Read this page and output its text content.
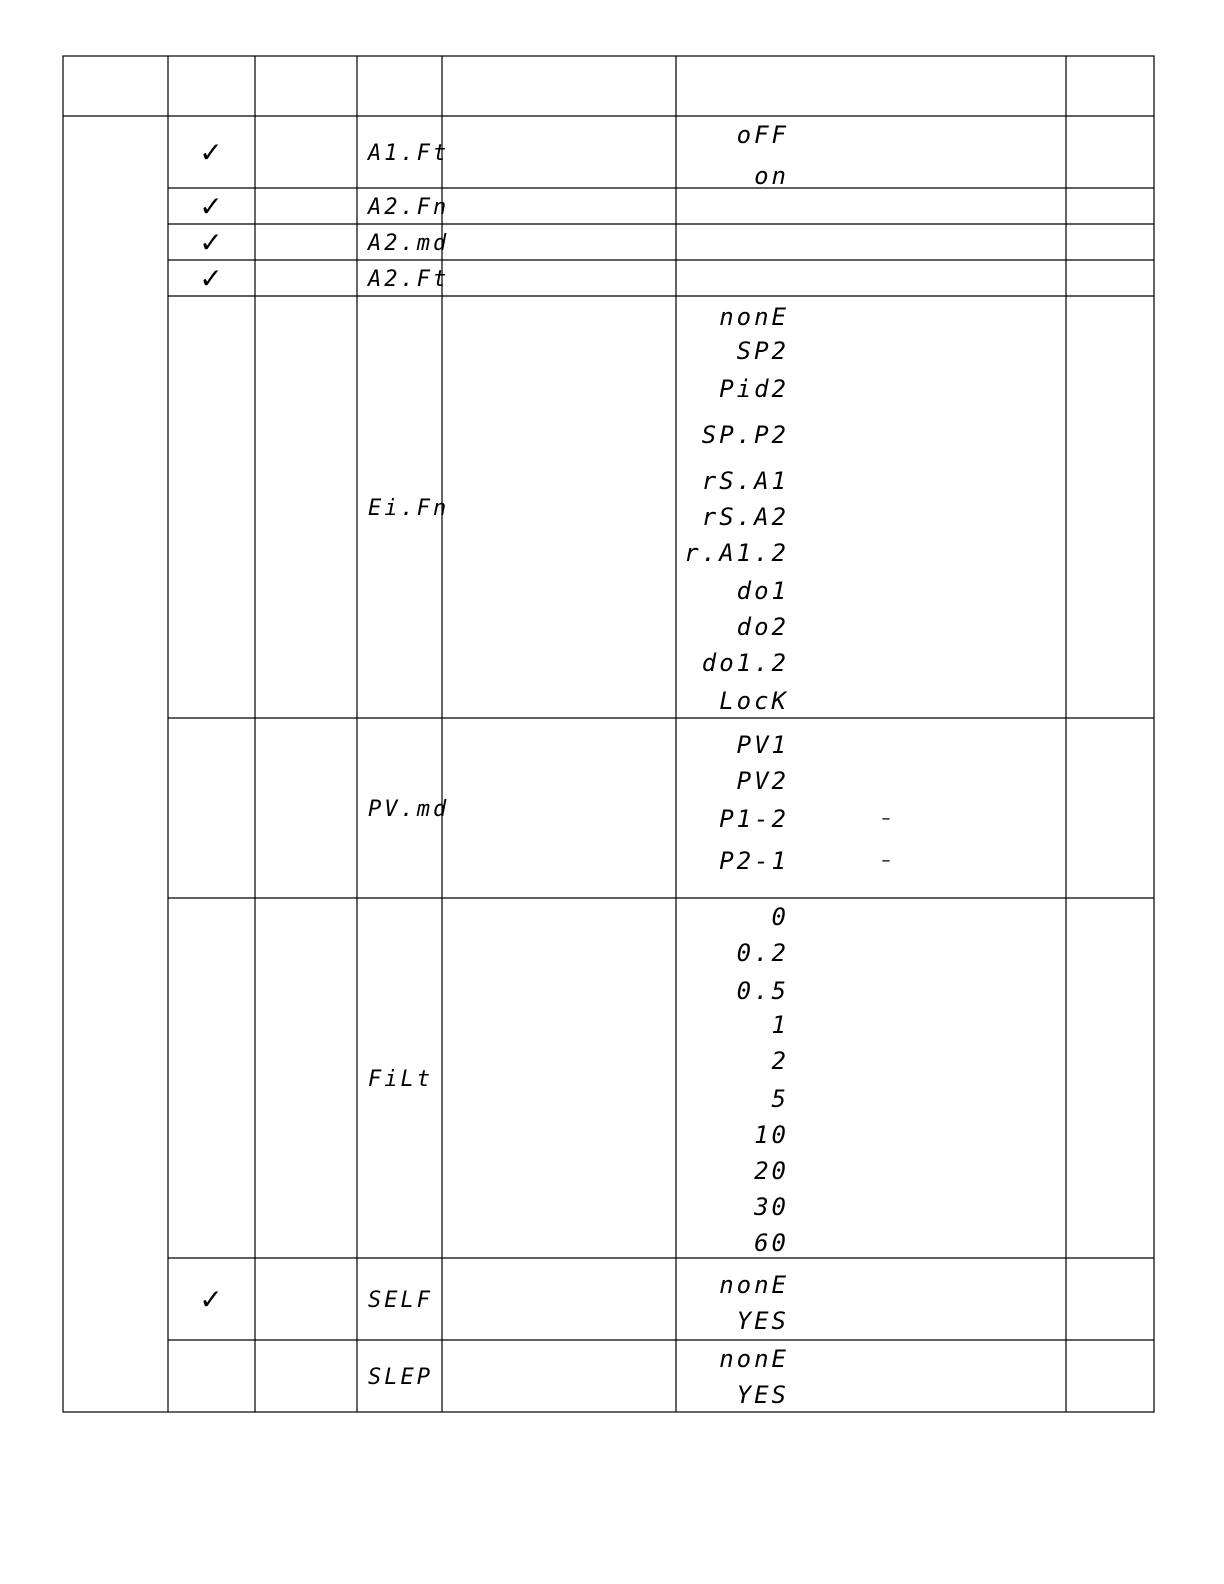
✓	A1.Ft
oFF
on
✓	A2.Fn
✓	A2.md
✓	A2.Ft
Ei.Fn
nonE
SP2
Pid2
SP.P2
rS.A1
rS.A2
r.A1.2
do1
do2
do1.2
LocK
PV.md
PV1
PV2
P1-2	–
P2-1	–
FiLt
0
0.2
0.5
1
2
5
10
20
30
60
✓	SELF
nonE
YES
SLEP
nonE
YES
